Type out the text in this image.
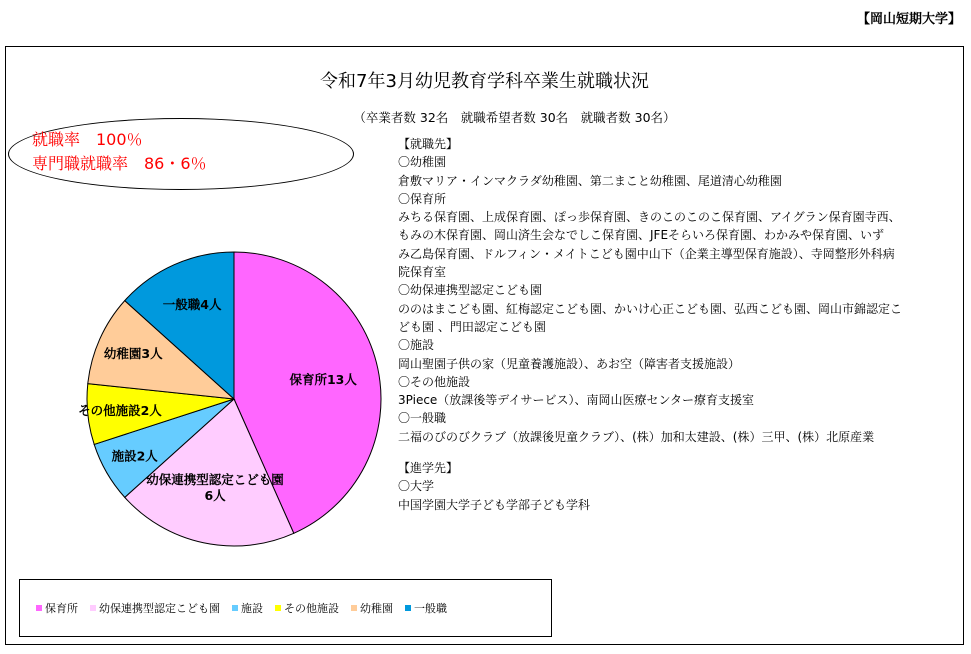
【岡山短期大学】
令和7年3月幼児教育学科卒業生就職状況
（卒業者数 32名　就職希望者数 30名　就職者数 30名）
就職率　100％
専門職就職率　86・6％
保育所13人
幼保連携型認定こども園
6人
施設2人
その他施設2人
幼稚園3人
一般職4人
【就職先】
〇幼稚園
倉敷マリア・インマクラダ幼稚園、第二まこと幼稚園、尾道清心幼稚園
〇保育所
みちる保育園、上成保育園、ぽっ歩保育園、きのこのこのこ保育園、アイグラン保育園寺西、
もみの木保育園、岡山済生会なでしこ保育園、JFEそらいろ保育園、わかみや保育園、いず
み乙島保育園、ドルフィン・メイトこども園中山下（企業主導型保育施設）、寺岡整形外科病
院保育室
〇幼保連携型認定こども園
ののはまこども園、紅梅認定こども園、かいけ心正こども園、弘西こども園、岡山市錦認定こ
ども園 、門田認定こども園
〇施設
岡山聖園子供の家（児童養護施設）、あお空（障害者支援施設）
〇その他施設
3Piece（放課後等デイサービス）、南岡山医療センター療育支援室
〇一般職
二福のびのびクラブ（放課後児童クラブ）、(株）加和太建設、(株）三甲、(株）北原産業
【進学先】
〇大学
中国学園大学子ども学部子ども学科
保育所 幼保連携型認定こども園 施設 その他施設 幼稚園 一般職
